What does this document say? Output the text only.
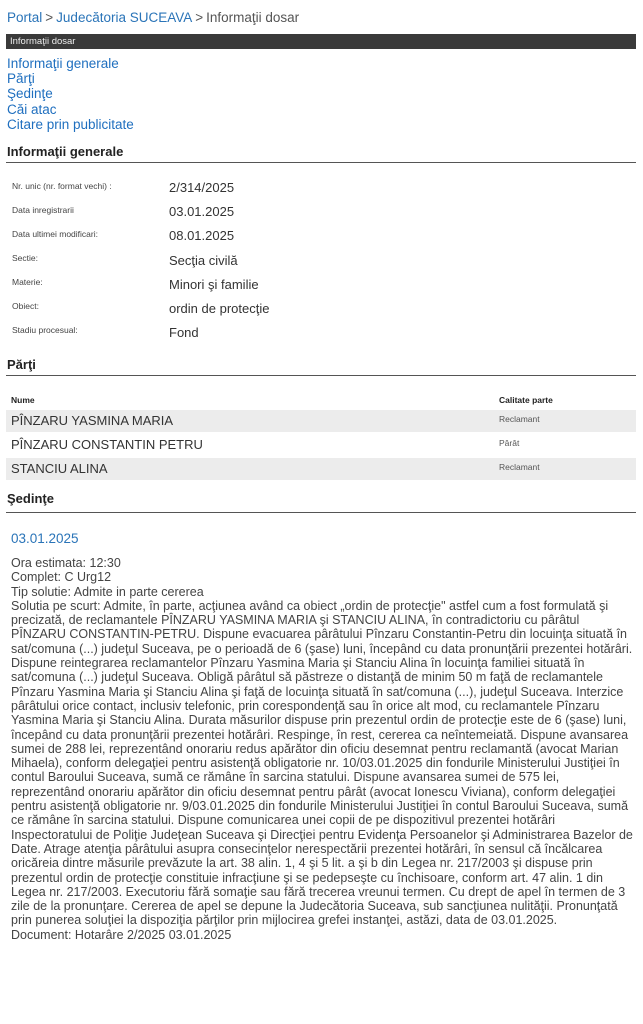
Portal > Judecătoria SUCEAVA > Informaţii dosar
Informaţii dosar
Informaţii generale
Părţi
Şedinţe
Căi atac
Citare prin publicitate
Informaţii generale
Nr. unic (nr. format vechi) :	2/314/2025
Data inregistrarii	03.01.2025
Data ultimei modificari:	08.01.2025
Sectie:	Secţia civilă
Materie:	Minori şi familie
Obiect:	ordin de protecţie
Stadiu procesual:	Fond
Părţi
Nume	Calitate parte
PÎNZARU YASMINA MARIA	Reclamant
PÎNZARU CONSTANTIN PETRU	Pârât
STANCIU ALINA	Reclamant
Şedinţe
03.01.2025
Ora estimata: 12:30
Complet: C Urg12
Tip solutie: Admite in parte cererea
Solutia pe scurt: Admite, în parte, acţiunea având ca obiect „ordin de protecţie" astfel cum a fost formulată şi precizată, de reclamantele PÎNZARU YASMINA MARIA şi STANCIU ALINA, în contradictoriu cu pârâtul PÎNZARU CONSTANTIN-PETRU. Dispune evacuarea pârâtului Pînzaru Constantin-Petru din locuinţa situată în sat/comuna (...) judeţul Suceava, pe o perioadă de 6 (şase) luni, începând cu data pronunţării prezentei hotărâri. Dispune reintegrarea reclamantelor Pînzaru Yasmina Maria şi Stanciu Alina în locuinţa familiei situată în sat/comuna (...) judeţul Suceava. Obligă pârâtul să păstreze o distanţă de minim 50 m faţă de reclamantele Pînzaru Yasmina Maria şi Stanciu Alina şi faţă de locuinţa situată în sat/comuna (...), judeţul Suceava. Interzice pârâtului orice contact, inclusiv telefonic, prin corespondenţă sau în orice alt mod, cu reclamantele Pînzaru Yasmina Maria şi Stanciu Alina. Durata măsurilor dispuse prin prezentul ordin de protecţie este de 6 (şase) luni, începând cu data pronunţării prezentei hotărâri. Respinge, în rest, cererea ca neîntemeiată. Dispune avansarea sumei de 288 lei, reprezentând onorariu redus apărător din oficiu desemnat pentru reclamantă (avocat Marian Mihaela), conform delegaţiei pentru asistenţă obligatorie nr. 10/03.01.2025 din fondurile Ministerului Justiţiei în contul Baroului Suceava, sumă ce rămâne în sarcina statului. Dispune avansarea sumei de 575 lei, reprezentând onorariu apărător din oficiu desemnat pentru pârât (avocat Ionescu Viviana), conform delegaţiei pentru asistenţă obligatorie nr. 9/03.01.2025 din fondurile Ministerului Justiţiei în contul Baroului Suceava, sumă ce rămâne în sarcina statului. Dispune comunicarea unei copii de pe dispozitivul prezentei hotărâri Inspectoratului de Poliţie Judeţean Suceava şi Direcţiei pentru Evidenţa Persoanelor şi Administrarea Bazelor de Date. Atrage atenţia pârâtului asupra consecinţelor nerespectării prezentei hotărâri, în sensul că încălcarea oricăreia dintre măsurile prevăzute la art. 38 alin. 1, 4 şi 5 lit. a şi b din Legea nr. 217/2003 şi dispuse prin prezentul ordin de protecţie constituie infracţiune şi se pedepseşte cu închisoare, conform art. 47 alin. 1 din Legea nr. 217/2003. Executoriu fără somaţie sau fără trecerea vreunui termen. Cu drept de apel în termen de 3 zile de la pronunţare. Cererea de apel se depune la Judecătoria Suceava, sub sancţiunea nulităţii. Pronunţată prin punerea soluţiei la dispoziţia părţilor prin mijlocirea grefei instanţei, astăzi, data de 03.01.2025.
Document: Hotarâre 2/2025 03.01.2025
